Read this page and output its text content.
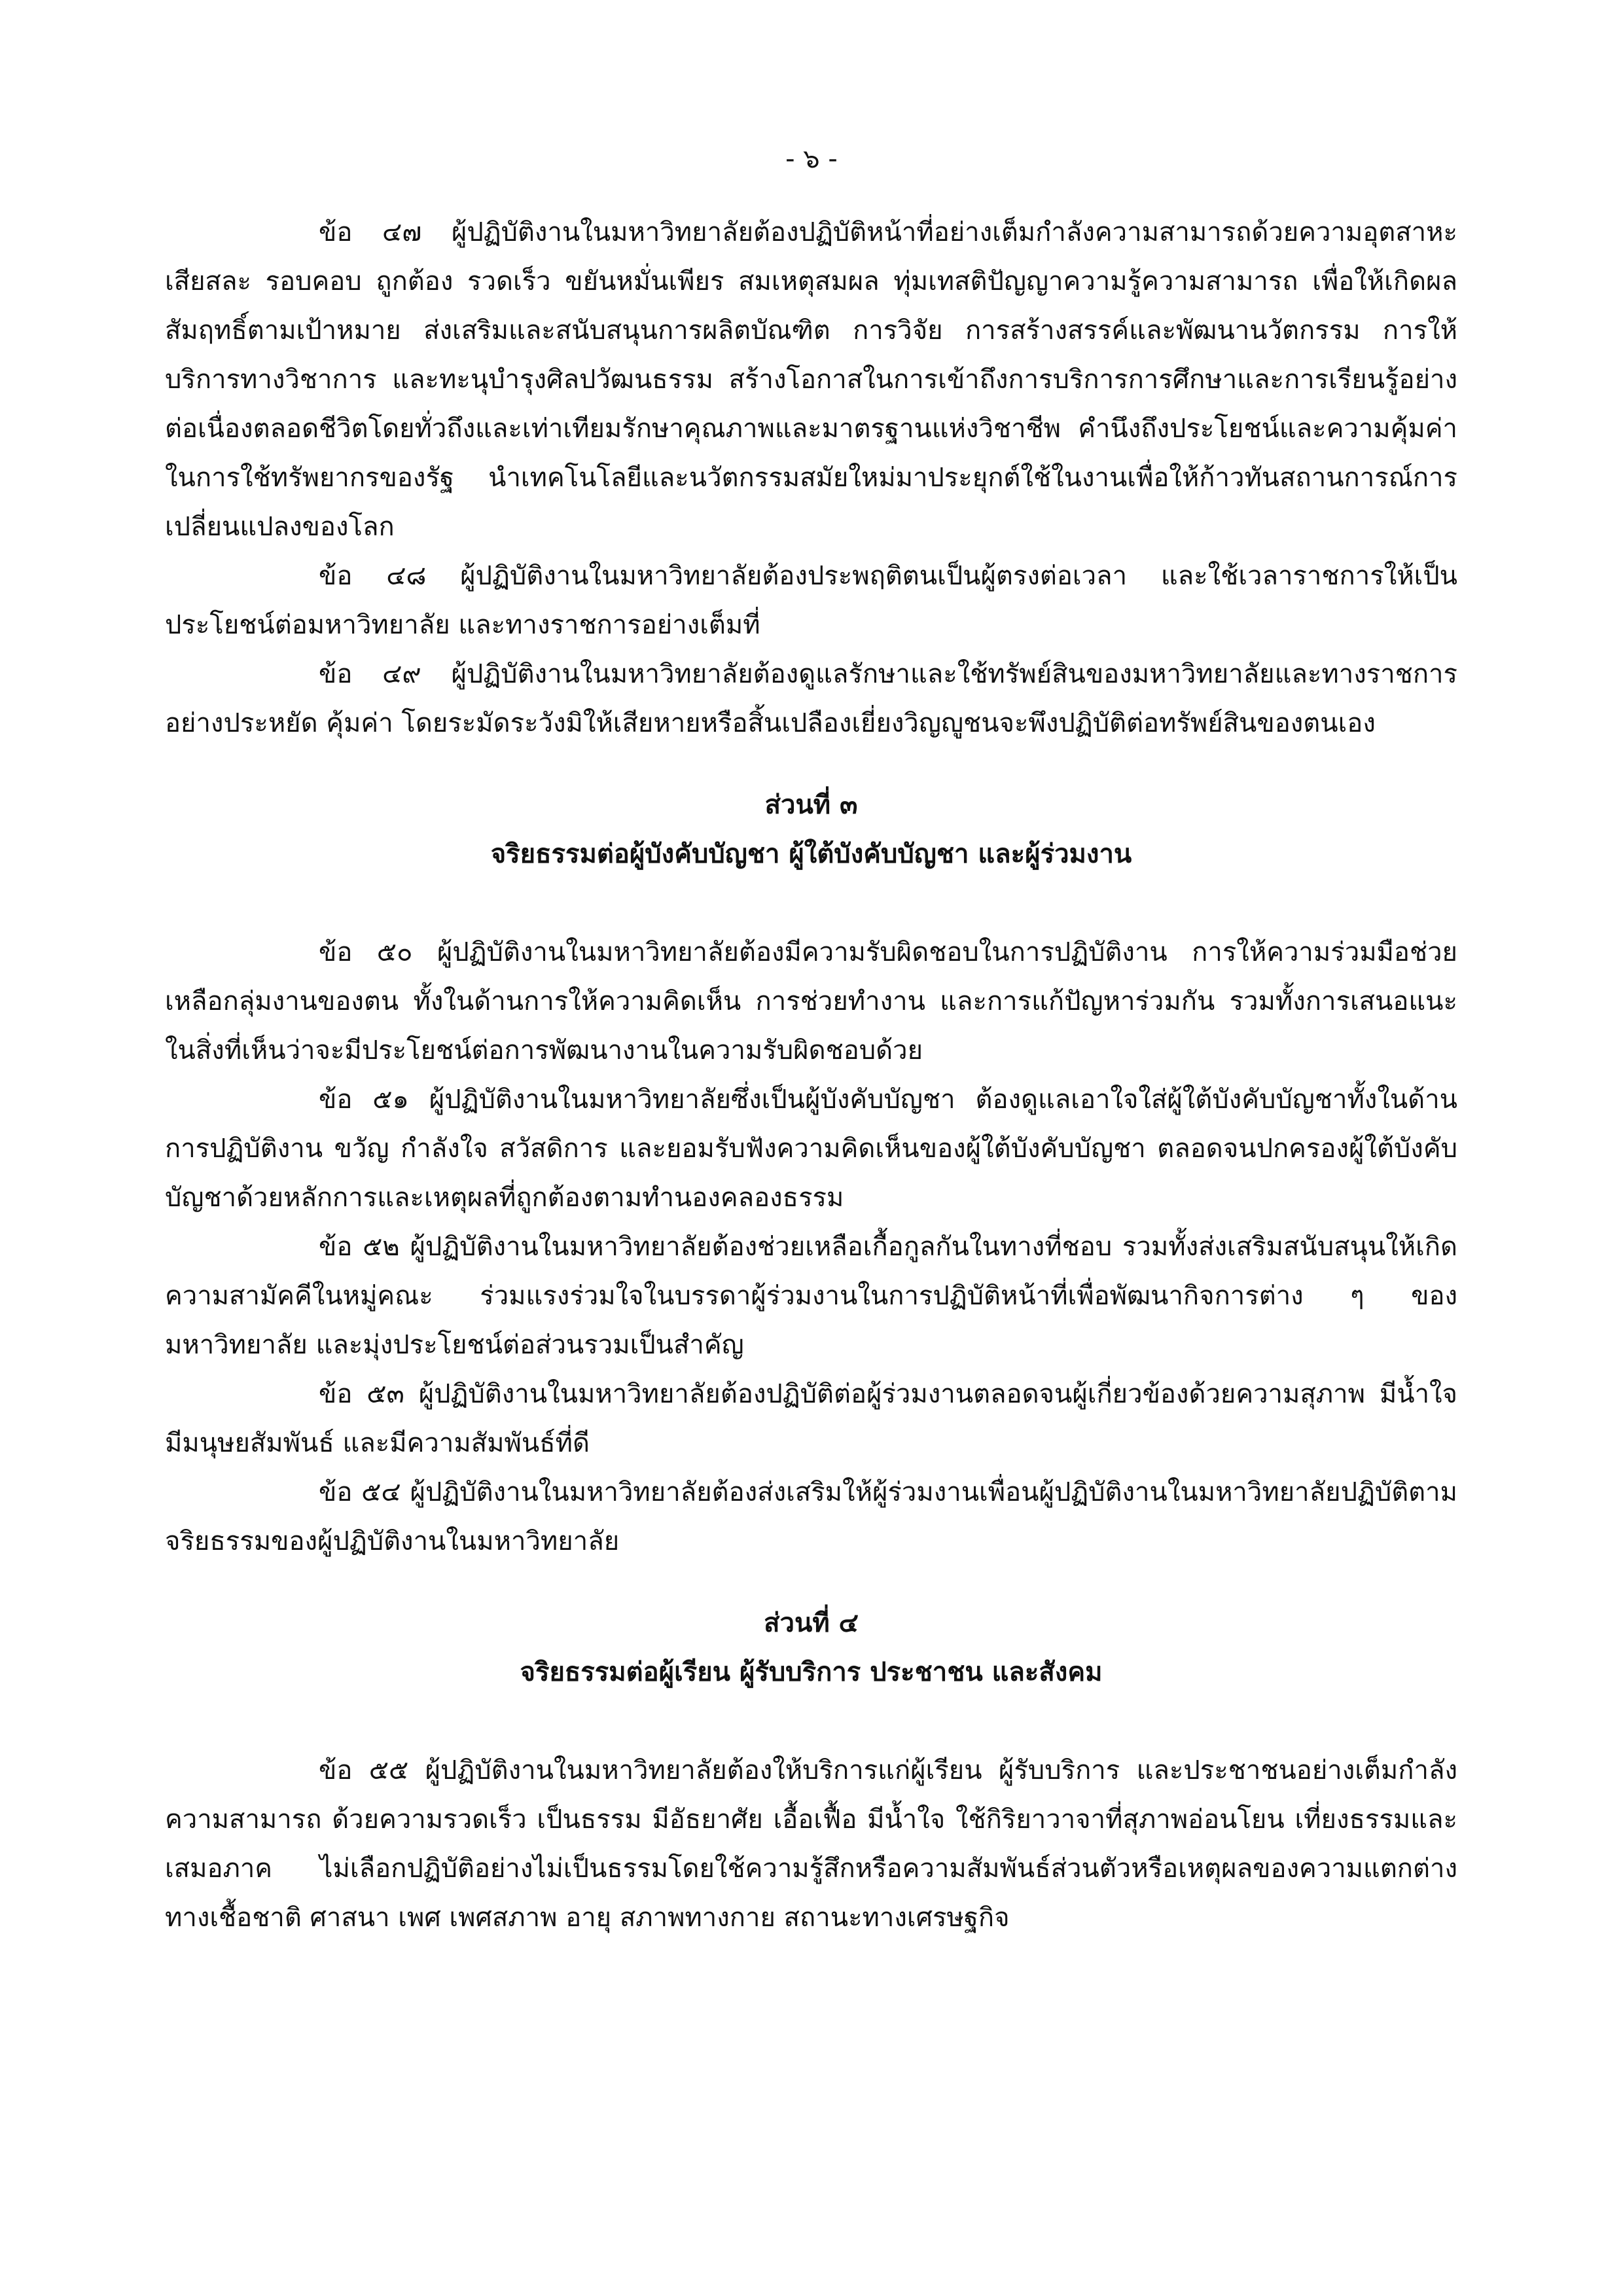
- ๖ -

ข้อ ๔๗ ผู้ปฏิบัติงานในมหาวิทยาลัยต้องปฏิบัติหน้าที่อย่างเต็มกำลังความสามารถด้วยความอุตสาหะ เสียสละ รอบคอบ ถูกต้อง รวดเร็ว ขยันหมั่นเพียร สมเหตุสมผล ทุ่มเทสติปัญญาความรู้ความสามารถ เพื่อให้เกิดผลสัมฤทธิ์ตามเป้าหมาย ส่งเสริมและสนับสนุนการผลิตบัณฑิต การวิจัย การสร้างสรรค์และพัฒนานวัตกรรม การให้บริการทางวิชาการ และทะนุบำรุงศิลปวัฒนธรรม สร้างโอกาสในการเข้าถึงการบริการการศึกษาและการเรียนรู้อย่างต่อเนื่องตลอดชีวิตโดยทั่วถึงและเท่าเทียมรักษาคุณภาพและมาตรฐานแห่งวิชาชีพ คำนึงถึงประโยชน์และความคุ้มค่าในการใช้ทรัพยากรของรัฐ นำเทคโนโลยีและนวัตกรรมสมัยใหม่มาประยุกต์ใช้ในงานเพื่อให้ก้าวทันสถานการณ์การเปลี่ยนแปลงของโลก

ข้อ ๔๘ ผู้ปฏิบัติงานในมหาวิทยาลัยต้องประพฤติตนเป็นผู้ตรงต่อเวลา และใช้เวลาราชการให้เป็นประโยชน์ต่อมหาวิทยาลัย และทางราชการอย่างเต็มที่

ข้อ ๔๙ ผู้ปฏิบัติงานในมหาวิทยาลัยต้องดูแลรักษาและใช้ทรัพย์สินของมหาวิทยาลัยและทางราชการอย่างประหยัด คุ้มค่า โดยระมัดระวังมิให้เสียหายหรือสิ้นเปลืองเยี่ยงวิญญูชนจะพึงปฏิบัติต่อทรัพย์สินของตนเอง

ส่วนที่ ๓
จริยธรรมต่อผู้บังคับบัญชา ผู้ใต้บังคับบัญชา และผู้ร่วมงาน

ข้อ ๕๐ ผู้ปฏิบัติงานในมหาวิทยาลัยต้องมีความรับผิดชอบในการปฏิบัติงาน การให้ความร่วมมือช่วยเหลือกลุ่มงานของตน ทั้งในด้านการให้ความคิดเห็น การช่วยทำงาน และการแก้ปัญหาร่วมกัน รวมทั้งการเสนอแนะ ในสิ่งที่เห็นว่าจะมีประโยชน์ต่อการพัฒนางานในความรับผิดชอบด้วย

ข้อ ๕๑ ผู้ปฏิบัติงานในมหาวิทยาลัยซึ่งเป็นผู้บังคับบัญชา ต้องดูแลเอาใจใส่ผู้ใต้บังคับบัญชาทั้งในด้านการปฏิบัติงาน ขวัญ กำลังใจ สวัสดิการ และยอมรับฟังความคิดเห็นของผู้ใต้บังคับบัญชา ตลอดจนปกครองผู้ใต้บังคับบัญชาด้วยหลักการและเหตุผลที่ถูกต้องตามทำนองคลองธรรม

ข้อ ๕๒ ผู้ปฏิบัติงานในมหาวิทยาลัยต้องช่วยเหลือเกื้อกูลกันในทางที่ชอบ รวมทั้งส่งเสริมสนับสนุนให้เกิดความสามัคคีในหมู่คณะ ร่วมแรงร่วมใจในบรรดาผู้ร่วมงานในการปฏิบัติหน้าที่เพื่อพัฒนากิจการต่าง ๆ ของมหาวิทยาลัย และมุ่งประโยชน์ต่อส่วนรวมเป็นสำคัญ

ข้อ ๕๓ ผู้ปฏิบัติงานในมหาวิทยาลัยต้องปฏิบัติต่อผู้ร่วมงานตลอดจนผู้เกี่ยวข้องด้วยความสุภาพ มีน้ำใจ มีมนุษยสัมพันธ์ และมีความสัมพันธ์ที่ดี

ข้อ ๕๔ ผู้ปฏิบัติงานในมหาวิทยาลัยต้องส่งเสริมให้ผู้ร่วมงานเพื่อนผู้ปฏิบัติงานในมหาวิทยาลัยปฏิบัติตามจริยธรรมของผู้ปฏิบัติงานในมหาวิทยาลัย

ส่วนที่ ๔
จริยธรรมต่อผู้เรียน ผู้รับบริการ ประชาชน และสังคม

ข้อ ๕๕ ผู้ปฏิบัติงานในมหาวิทยาลัยต้องให้บริการแก่ผู้เรียน ผู้รับบริการ และประชาชนอย่างเต็มกำลังความสามารถ ด้วยความรวดเร็ว เป็นธรรม มีอัธยาศัย เอื้อเฟื้อ มีน้ำใจ ใช้กิริยาวาจาที่สุภาพอ่อนโยน เที่ยงธรรมและเสมอภาค ไม่เลือกปฏิบัติอย่างไม่เป็นธรรมโดยใช้ความรู้สึกหรือความสัมพันธ์ส่วนตัวหรือเหตุผลของความแตกต่างทางเชื้อชาติ ศาสนา เพศ เพศสภาพ อายุ สภาพทางกาย สถานะทางเศรษฐกิจ
